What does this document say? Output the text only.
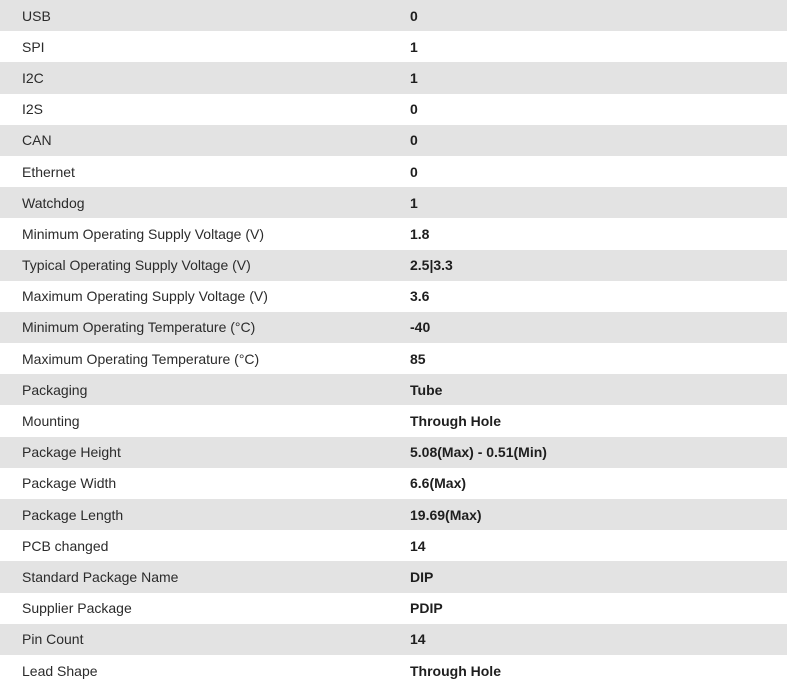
USB	0
SPI	1
I2C	1
I2S	0
CAN	0
Ethernet	0
Watchdog	1
Minimum Operating Supply Voltage (V)	1.8
Typical Operating Supply Voltage (V)	2.5|3.3
Maximum Operating Supply Voltage (V)	3.6
Minimum Operating Temperature (°C)	-40
Maximum Operating Temperature (°C)	85
Packaging	Tube
Mounting	Through Hole
Package Height	5.08(Max) - 0.51(Min)
Package Width	6.6(Max)
Package Length	19.69(Max)
PCB changed	14
Standard Package Name	DIP
Supplier Package	PDIP
Pin Count	14
Lead Shape	Through Hole
